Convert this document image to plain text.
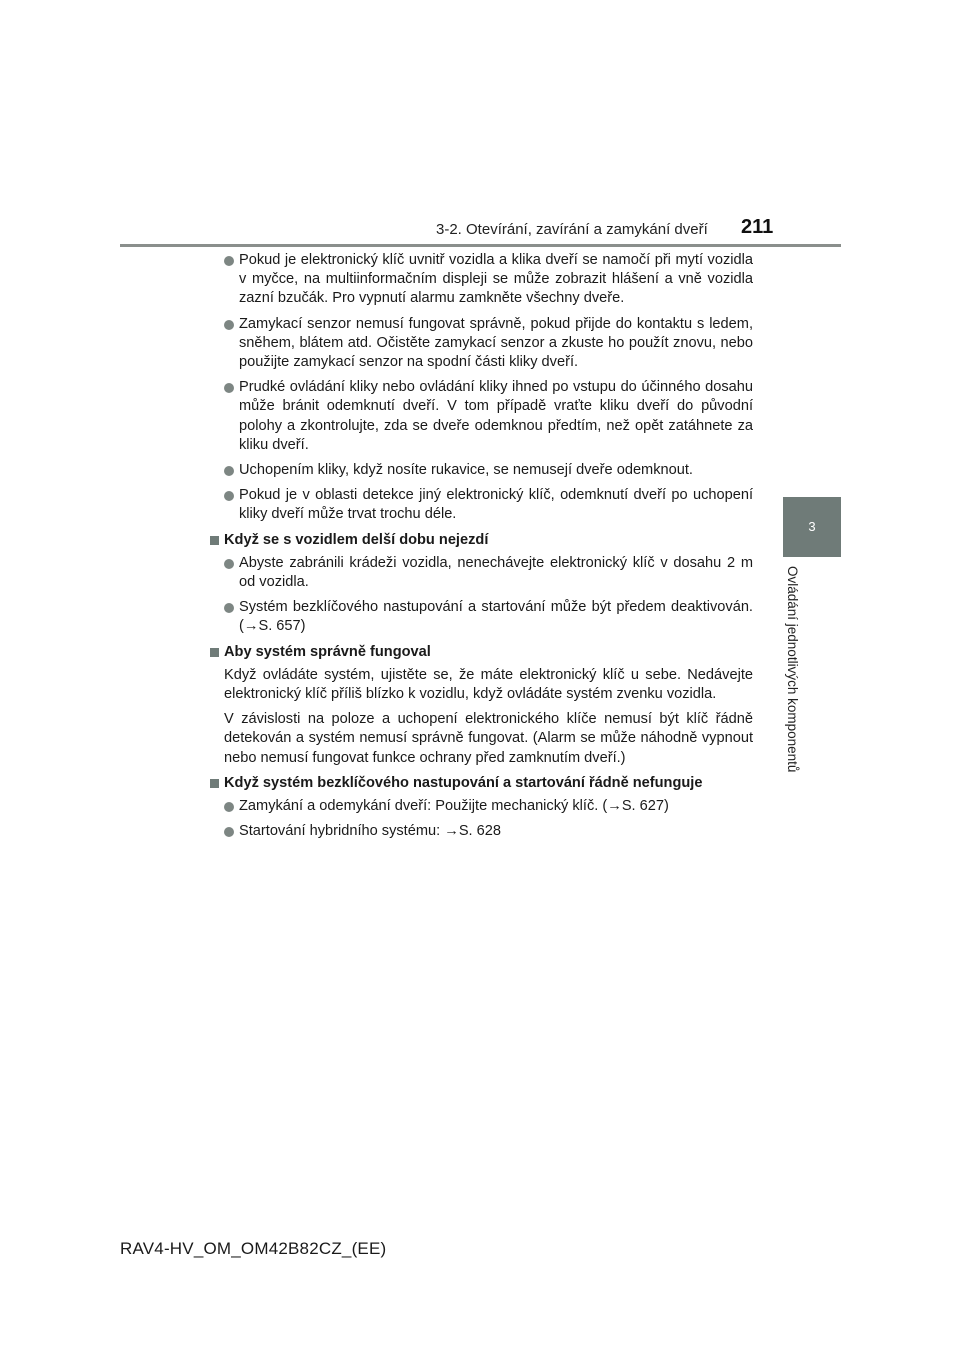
3-2. Otevírání, zavírání a zamykání dveří 211
3
Ovládání jednotlivých komponentů
Pokud je elektronický klíč uvnitř vozidla a klika dveří se namočí při mytí vozidla v myčce, na multiinformačním displeji se může zobrazit hlášení a vně vozidla zazní bzučák. Pro vypnutí alarmu zamkněte všechny dveře.
Zamykací senzor nemusí fungovat správně, pokud přijde do kontaktu s ledem, sněhem, blátem atd. Očistěte zamykací senzor a zkuste ho použít znovu, nebo použijte zamykací senzor na spodní části kliky dveří.
Prudké ovládání kliky nebo ovládání kliky ihned po vstupu do účinného dosahu může bránit odemknutí dveří. V tom případě vraťte kliku dveří do původní polohy a zkontrolujte, zda se dveře odemknou předtím, než opět zatáhnete za kliku dveří.
Uchopením kliky, když nosíte rukavice, se nemusejí dveře odemknout.
Pokud je v oblasti detekce jiný elektronický klíč, odemknutí dveří po uchopení kliky dveří může trvat trochu déle.
Když se s vozidlem delší dobu nejezdí
Abyste zabránili krádeži vozidla, nenechávejte elektronický klíč v dosahu 2 m od vozidla.
Systém bezklíčového nastupování a startování může být předem deaktivován. (→S. 657)
Aby systém správně fungoval
Když ovládáte systém, ujistěte se, že máte elektronický klíč u sebe. Nedávejte elektronický klíč příliš blízko k vozidlu, když ovládáte systém zvenku vozidla.
V závislosti na poloze a uchopení elektronického klíče nemusí být klíč řádně detekován a systém nemusí správně fungovat. (Alarm se může náhodně vypnout nebo nemusí fungovat funkce ochrany před zamknutím dveří.)
Když systém bezklíčového nastupování a startování řádně nefunguje
Zamykání a odemykání dveří: Použijte mechanický klíč. (→S. 627)
Startování hybridního systému: →S. 628
RAV4-HV_OM_OM42B82CZ_(EE)
